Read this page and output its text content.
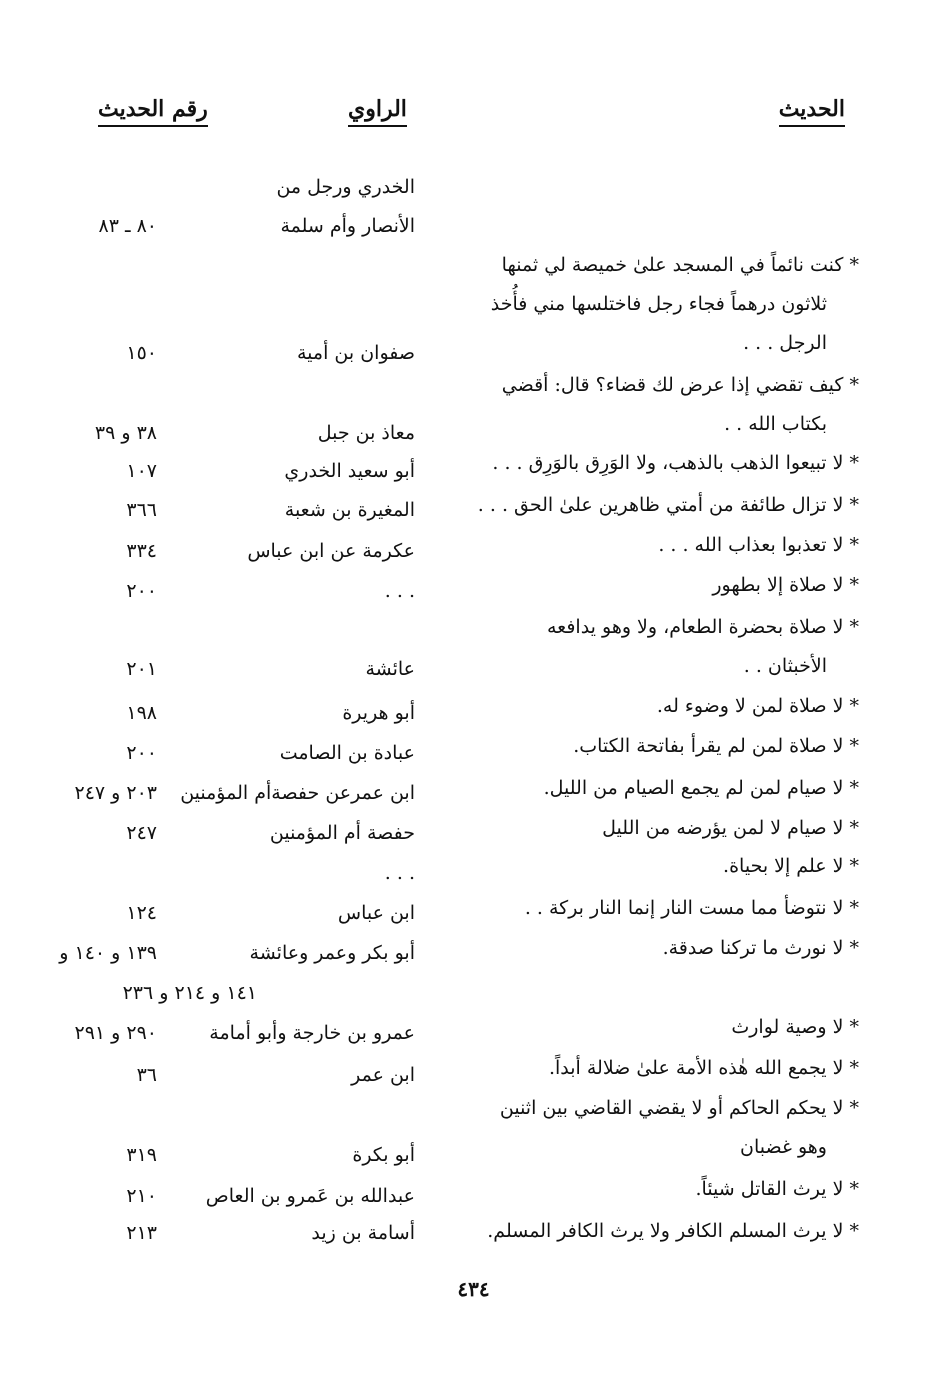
الحديث
الراوي
رقم الحديث
* كنت نائماً في المسجد علىٰ خميصة لي ثمنها
ثلاثون درهماً فجاء رجل فاختلسها مني فأُخذ
الرجل . . .
* كيف تقضي إذا عرض لك قضاء؟ قال: أقضي
بكتاب الله . .
* لا تبيعوا الذهب بالذهب، ولا الوَرِق بالوَرِق . . .
* لا تزال طائفة من أمتي ظاهرين علىٰ الحق . . .
* لا تعذبوا بعذاب الله . . .
* لا صلاة إلا بطهور
* لا صلاة بحضرة الطعام، ولا وهو يدافعه
الأخبثان . .
* لا صلاة لمن لا وضوء له.
* لا صلاة لمن لم يقرأ بفاتحة الكتاب.
* لا صيام لمن لم يجمع الصيام من الليل.
* لا صيام لا لمن يؤرضه من الليل
* لا علم إلا بحياة.
* لا نتوضأ مما مست النار إنما النار بركة . .
* لا نورث ما تركنا صدقة.
* لا وصية لوارث
* لا يجمع الله هٰذه الأمة علىٰ ضلالة أبداً.
* لا يحكم الحاكم أو لا يقضي القاضي بين اثنين
وهو غضبان
* لا يرث القاتل شيئاً.
* لا يرث المسلم الكافر ولا يرث الكافر المسلم.
الخدري ورجل من
الأنصار وأم سلمة
صفوان بن أمية
معاذ بن جبل
أبو سعيد الخدري
المغيرة بن شعبة
عكرمة عن ابن عباس
. . .
عائشة
أبو هريرة
عبادة بن الصامت
ابن عمرعن حفصةأم المؤمنين
حفصة أم المؤمنين
. . .
ابن عباس
أبو بكر وعمر وعائشة
عمرو بن خارجة وأبو أمامة
ابن عمر
أبو بكرة
عبدالله بن عَمرو بن العاص
أسامة بن زيد
٨٠ ـ ٨٣
١٥٠
٣٨ و ٣٩
١٠٧
٣٦٦
٣٣٤
٢٠٠
٢٠١
١٩٨
٢٠٠
٢٠٣ و ٢٤٧
٢٤٧
١٢٤
١٣٩ و ١٤٠ و
١٤١ و ٢١٤ و ٢٣٦
٢٩٠ و ٢٩١
٣٦
٣١٩
٢١٠
٢١٣
٤٣٤
